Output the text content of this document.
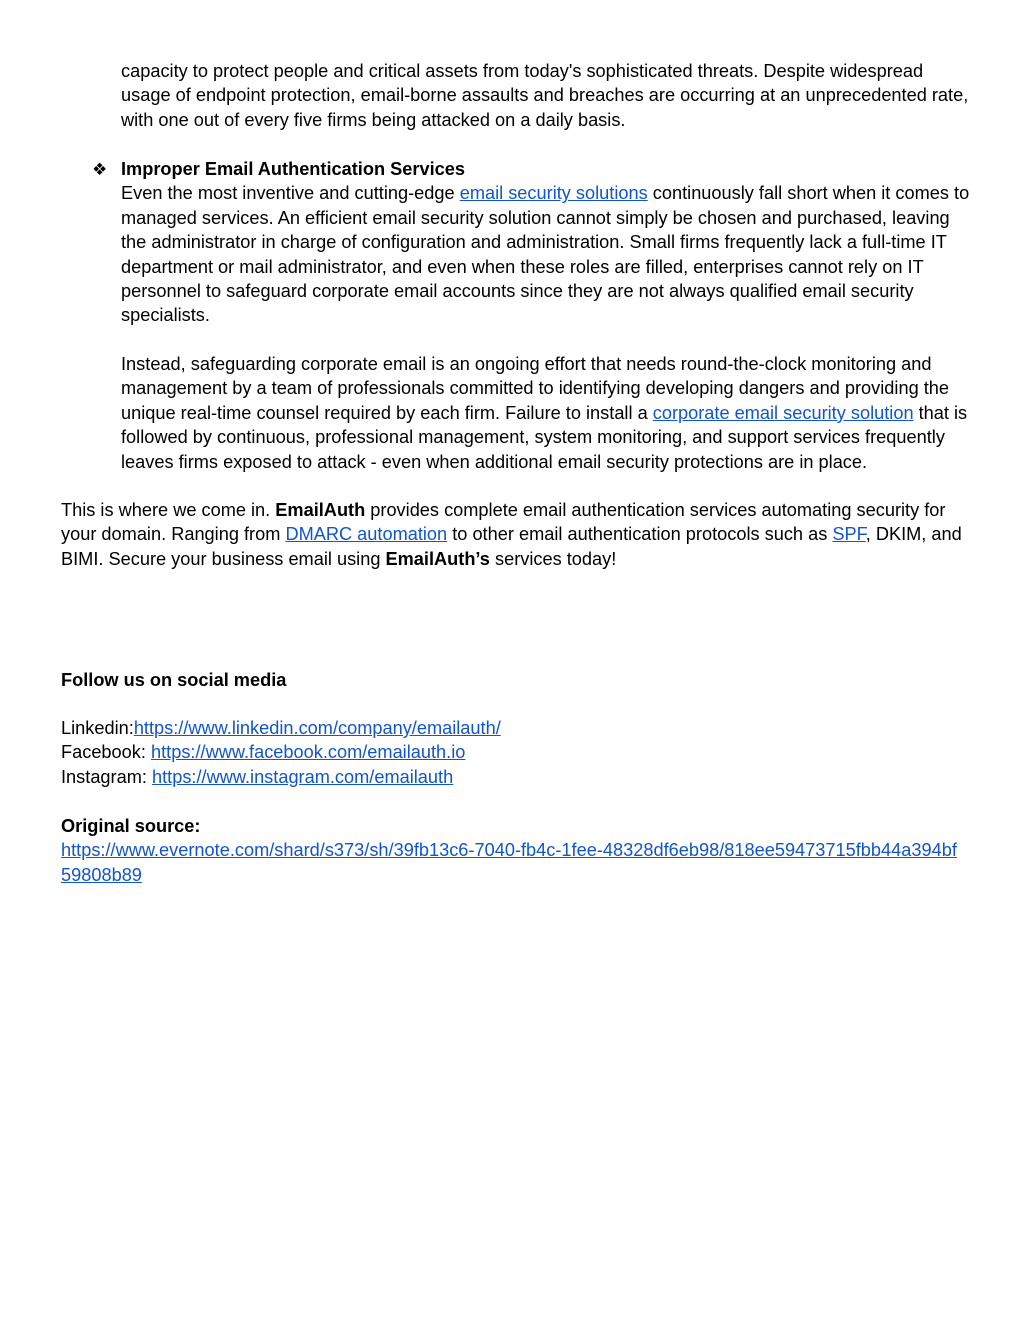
capacity to protect people and critical assets from today's sophisticated threats. Despite widespread usage of endpoint protection, email-borne assaults and breaches are occurring at an unprecedented rate, with one out of every five firms being attacked on a daily basis.

❖ Improper Email Authentication Services
Even the most inventive and cutting-edge email security solutions continuously fall short when it comes to managed services. An efficient email security solution cannot simply be chosen and purchased, leaving the administrator in charge of configuration and administration. Small firms frequently lack a full-time IT department or mail administrator, and even when these roles are filled, enterprises cannot rely on IT personnel to safeguard corporate email accounts since they are not always qualified email security specialists.

Instead, safeguarding corporate email is an ongoing effort that needs round-the-clock monitoring and management by a team of professionals committed to identifying developing dangers and providing the unique real-time counsel required by each firm. Failure to install a corporate email security solution that is followed by continuous, professional management, system monitoring, and support services frequently leaves firms exposed to attack - even when additional email security protections are in place.

This is where we come in. EmailAuth provides complete email authentication services automating security for your domain. Ranging from DMARC automation to other email authentication protocols such as SPF, DKIM, and BIMI. Secure your business email using EmailAuth’s services today!

Follow us on social media

Linkedin:https://www.linkedin.com/company/emailauth/
Facebook: https://www.facebook.com/emailauth.io
Instagram: https://www.instagram.com/emailauth

Original source:
https://www.evernote.com/shard/s373/sh/39fb13c6-7040-fb4c-1fee-48328df6eb98/818ee59473715fbb44a394bf59808b89
